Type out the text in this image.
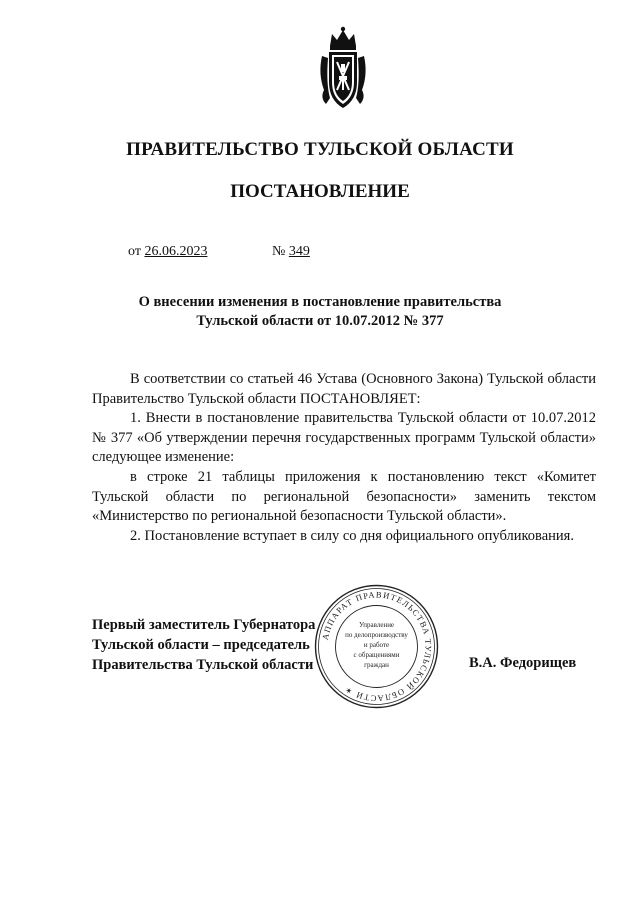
ПРАВИТЕЛЬСТВО ТУЛЬСКОЙ ОБЛАСТИ
ПОСТАНОВЛЕНИЕ
от 26.06.2023	№ 349
О внесении изменения в постановление правительства
Тульской области от 10.07.2012 № 377

В соответствии со статьей 46 Устава (Основного Закона) Тульской области Правительство Тульской области ПОСТАНОВЛЯЕТ:

1. Внести в постановление правительства Тульской области от 10.07.2012 № 377 «Об утверждении перечня государственных программ Тульской области» следующее изменение:

в строке 21 таблицы приложения к постановлению текст «Комитет Тульской области по региональной безопасности» заменить текстом «Министерство по региональной безопасности Тульской области».

2. Постановление вступает в силу со дня официального опубликования.

Первый заместитель Губернатора
Тульской области – председатель
Правительства Тульской области	В.А. Федорищев
АППАРАТ ПРАВИТЕЛЬСТВА ТУЛЬСКОЙ ОБЛАСТИ ✶
Управление
по делопроизводству
и работе
с обращениями
граждан
